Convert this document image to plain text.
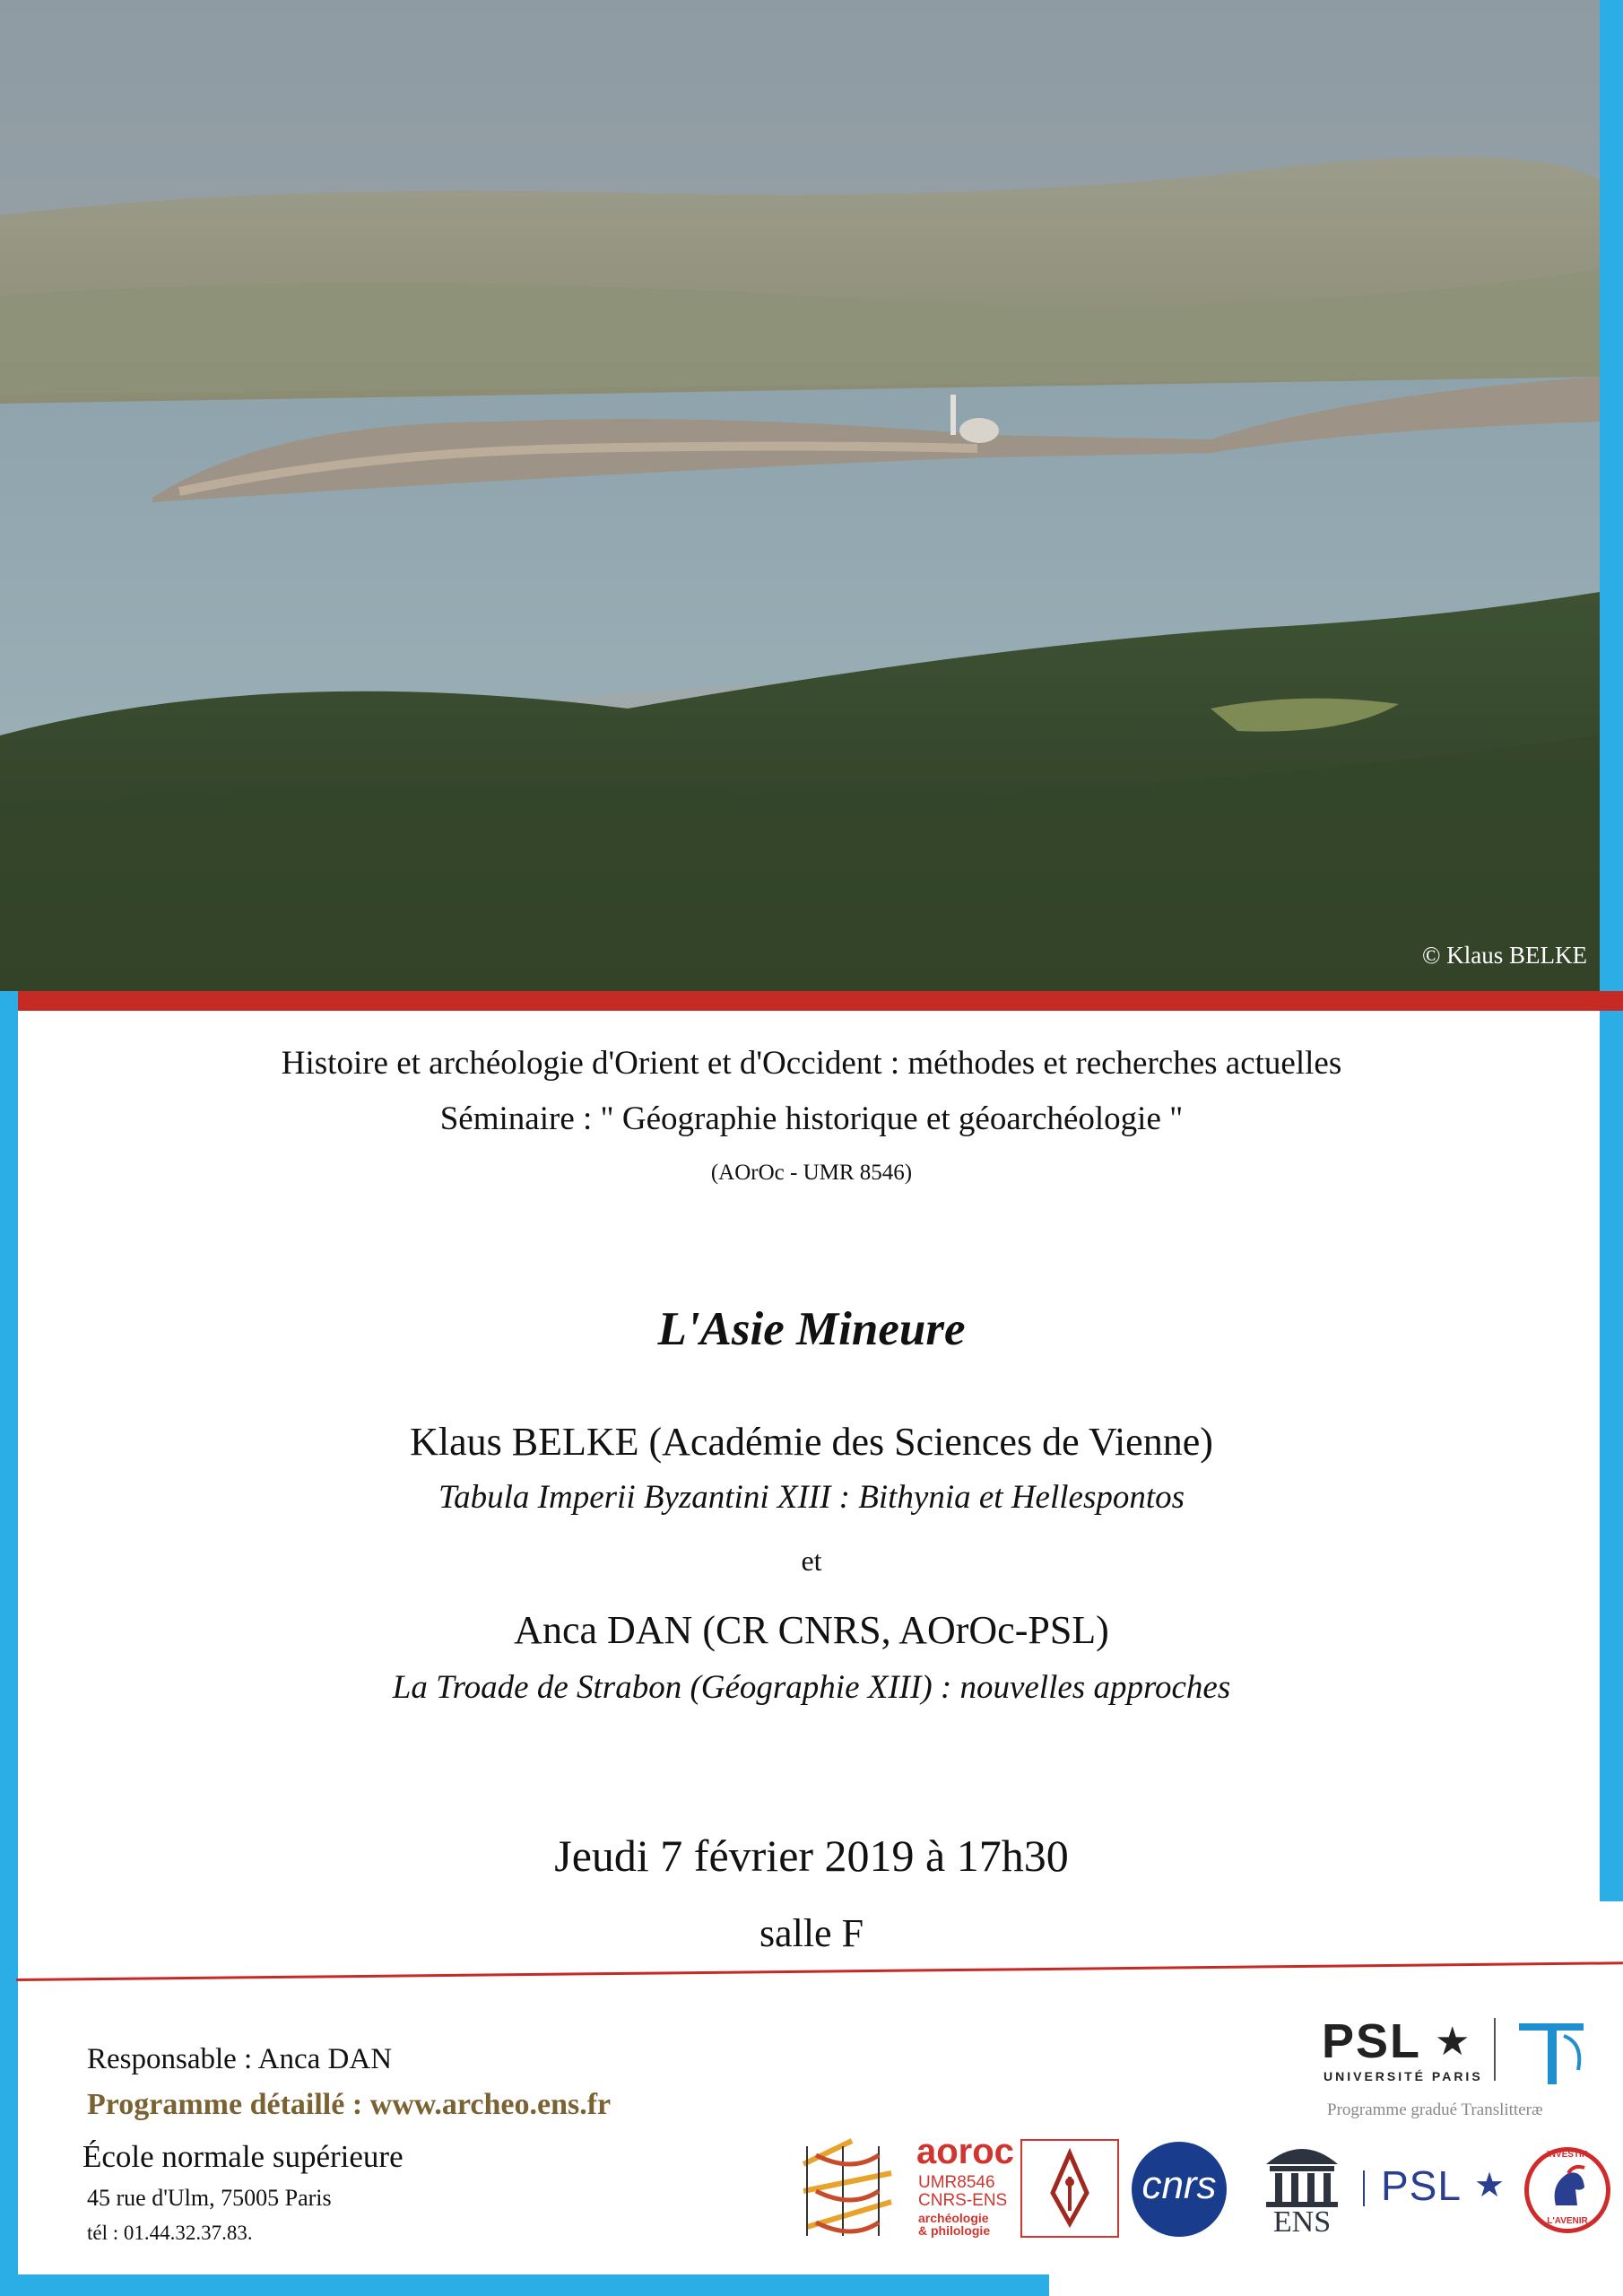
© Klaus BELKE
Histoire et archéologie d'Orient et d'Occident : méthodes et recherches actuelles
Séminaire : " Géographie historique et géoarchéologie "
(AOrOc - UMR 8546)
L'Asie Mineure
Klaus BELKE (Académie des Sciences de Vienne)
Tabula Imperii Byzantini XIII : Bithynia et Hellespontos
et
Anca DAN (CR CNRS, AOrOc-PSL)
La Troade de Strabon (Géographie XIII) : nouvelles approches
Jeudi 7 février 2019 à 17h30
salle F
Responsable : Anca DAN
Programme détaillé : www.archeo.ens.fr
École normale supérieure
45 rue d'Ulm, 75005 Paris
tél : 01.44.32.37.83.
PSL ★
UNIVERSITÉ PARIS
Programme gradué Translitteræ
aoroc
UMR8546
CNRS-ENS
archéologie
& philologie
cnrs
ENS
PSL ★
INVESTIR
L'AVENIR
